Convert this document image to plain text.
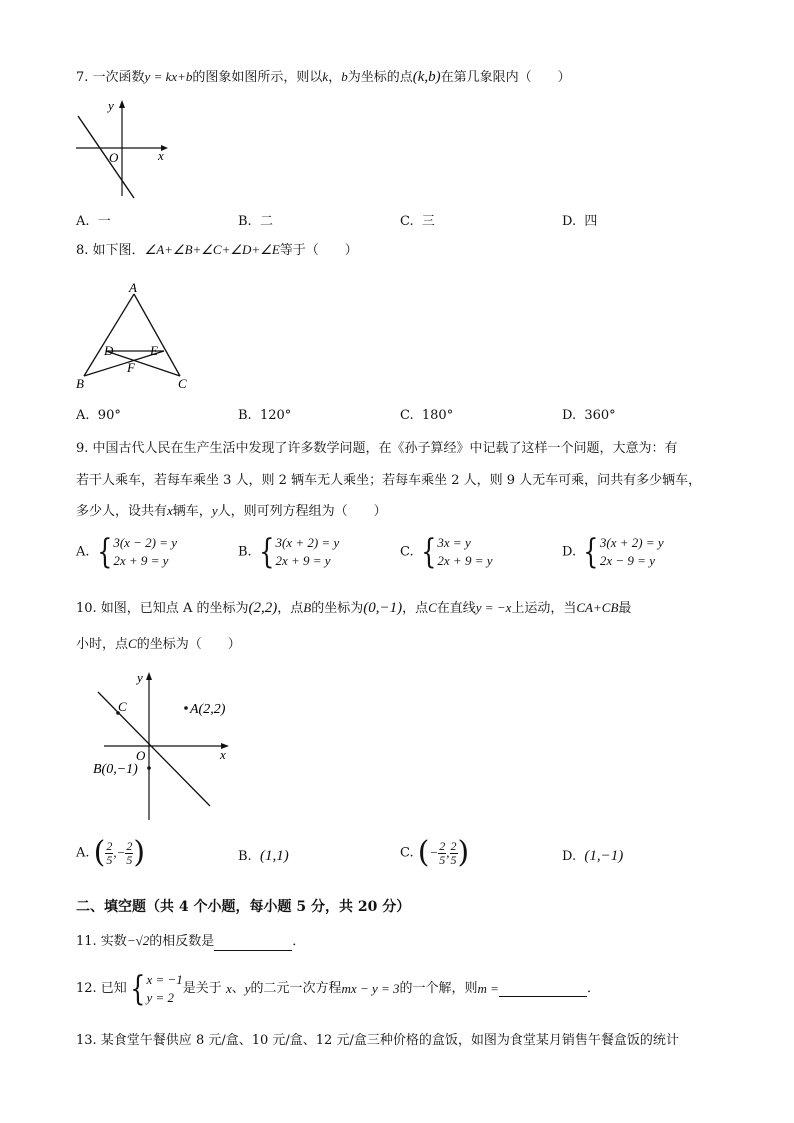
7. 一次函数y = kx+b的图象如图所示，则以k，b为坐标的点(k,b)在第几象限内（　　）
y
x
O
A. 一	B. 二	C. 三	D. 四
8. 如下图．∠A+∠B+∠C+∠D+∠E等于（　　）
A
B	C
D	E
F
A. 90°	B. 120°	C. 180°	D. 360°
9. 中国古代人民在生产生活中发现了许多数学问题，在《孙子算经》中记载了这样一个问题，大意为：有
若干人乘车，若每车乘坐 3 人，则 2 辆车无人乘坐；若每车乘坐 2 人，则 9 人无车可乘，问共有多少辆车，
多少人，设共有x辆车，y人，则可列方程组为（　　）
A. { 3(x − 2) = y
2x + 9 = y
B. { 3(x + 2) = y
2x + 9 = y
C. { 3x = y
2x + 9 = y
D. { 3(x + 2) = y
2x − 9 = y
10. 如图，已知点 A 的坐标为(2,2)，点B的坐标为(0,−1)，点C在直线y = −x上运动，当CA+CB最
小时，点C的坐标为（　　）
y
x
O
C	A(2,2)
B(0,−1)
A. ( $\frac{2}{5}$ ,− $\frac{2}{5}$ )	B. (1,1)	C. (− $\frac{2}{5}$ , $\frac{2}{5}$ )	D. (1,−1)
二、填空题（共 4 个小题，每小题 5 分，共 20 分）
11. 实数−√2的相反数是	．
12. 已知 { x = −1
y = 2
是关于
x 、 y 的二元一次方程 mx − y = 3 的一个解，则 m =	．
13. 某食堂午餐供应 8 元/盒、10 元/盒、12 元/盒三种价格的盒饭，如图为食堂某月销售午餐盒饭的统计
